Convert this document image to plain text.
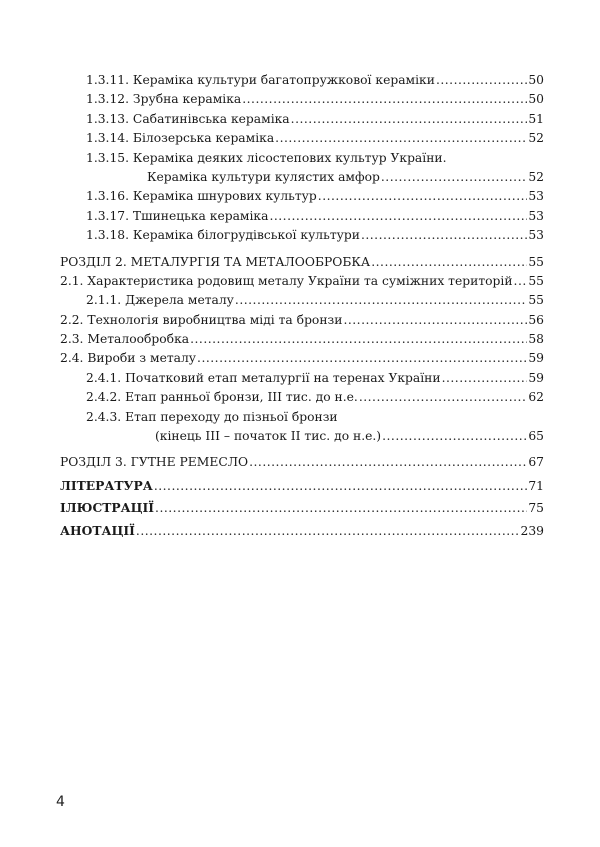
1.3.11. Кераміка культури багатопружкової кераміки .....	50
1.3.12. Зрубна кераміка .....	50
1.3.13. Сабатинівська кераміка .....	51
1.3.14. Білозерська кераміка .....	52
1.3.15. Кераміка деяких лісостепових культур України.
Кераміка культури кулястих амфор .....	52
1.3.16. Кераміка шнурових культур .....	53
1.3.17. Тшинецька кераміка .....	53
1.3.18. Кераміка білогрудівської культури .....	53
РОЗДІЛ 2. МЕТАЛУРГІЯ ТА МЕТАЛООБРОБКА .....	55
2.1. Характеристика родовищ металу України та суміжних територій ..... 55
2.1.1. Джерела металу .....	55
2.2. Технологія виробництва міді та бронзи .....	56
2.3. Металообробка .....	58
2.4. Вироби з металу .....	59
2.4.1. Початковий етап металургії на теренах України .....	59
2.4.2. Етап ранньої бронзи, ІІІ тис. до н.е. .....	62
2.4.3. Етап переходу до пізньої бронзи
(кінець ІІІ – початок ІІ тис. до н.е.) .....	65
РОЗДІЛ 3. ГУТНЕ РЕМЕСЛО .....	67
ЛІТЕРАТУРА .....	71
ІЛЮСТРАЦІЇ .....	75
АНОТАЦІЇ .....	239
4
